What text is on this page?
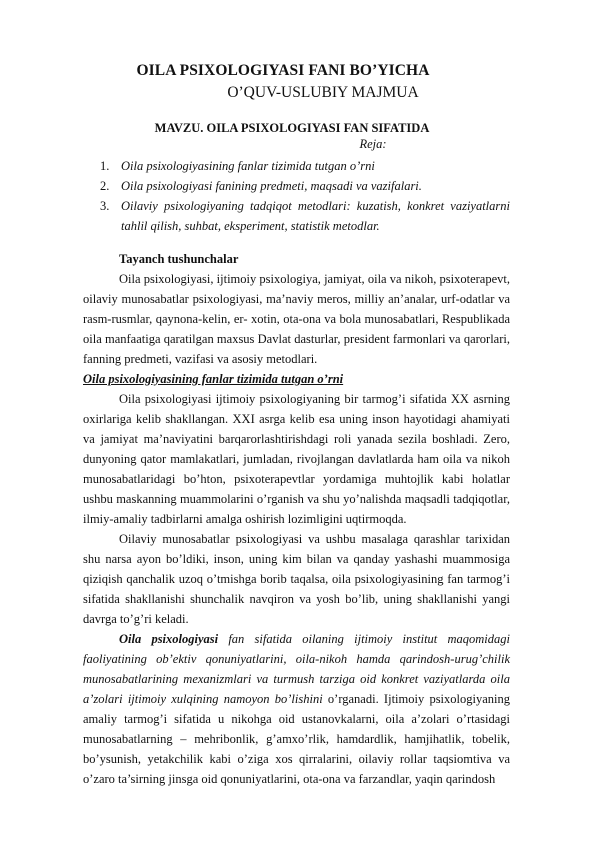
OILA PSIXOLOGIYASI FANI BO’YICHA
O’QUV-USLUBIY MAJMUA
MAVZU. OILA PSIXOLOGIYASI FAN SIFATIDA
Reja:
1. Oila psixologiyasining fanlar tizimida tutgan o’rni
2. Oila psixologiyasi fanining predmeti, maqsadi va vazifalari.
3. Oilaviy psixologiyaning tadqiqot metodlari: kuzatish, konkret vaziyatlarni tahlil qilish, suhbat, eksperiment, statistik metodlar.

Tayanch tushunchalar

Oila psixologiyasi, ijtimoiy psixologiya, jamiyat, oila va nikoh, psixoterapevt, oilaviy munosabatlar psixologiyasi, ma’naviy meros, milliy an’analar, urf-odatlar va rasm-rusmlar, qaynona-kelin, er- xotin, ota-ona va bola munosabatlari, Respublikada oila manfaatiga qaratilgan maxsus Davlat dasturlar, president farmonlari va qarorlari, fanning predmeti, vazifasi va asosiy metodlari.

Oila psixologiyasining fanlar tizimida tutgan o’rni

Oila psixologiyasi ijtimoiy psixologiyaning bir tarmog’i sifatida XX asrning oxirlariga kelib shakllangan. XXI asrga kelib esa uning inson hayotidagi ahamiyati va jamiyat ma’naviyatini barqarorlashtirishdagi roli yanada sezila boshladi. Zero, dunyoning qator mamlakatlari, jumladan, rivojlangan davlatlarda ham oila va nikoh munosabatlaridagi bo’hton, psixoterapevtlar yordamiga muhtojlik kabi holatlar ushbu maskanning muammolarini o’rganish va shu yo’nalishda maqsadli tadqiqotlar, ilmiy-amaliy tadbirlarni amalga oshirish lozimligini uqtirmoqda.

Oilaviy munosabatlar psixologiyasi va ushbu masalaga qarashlar tarixidan shu narsa ayon bo’ldiki, inson, uning kim bilan va qanday yashashi muammosiga qiziqish qanchalik uzoq o’tmishga borib taqalsa, oila psixologiyasining fan tarmog’i sifatida shakllanishi shunchalik navqiron va yosh bo’lib, uning shakllanishi yangi davrga to’g’ri keladi.

Oila psixologiyasi fan sifatida oilaning ijtimoiy institut maqomidagi faoliyatining ob’ektiv qonuniyatlarini, oila-nikoh hamda qarindosh-urug’chilik munosabatlarining mexanizmlari va turmush tarziga oid konkret vaziyatlarda oila a’zolari ijtimoiy xulqining namoyon bo’lishini o’rganadi. Ijtimoiy psixologiyaning amaliy tarmog’i sifatida u nikohga oid ustanovkalarni, oila a’zolari o’rtasidagi munosabatlarning – mehribonlik, g’amxo’rlik, hamdardlik, hamjihatlik, tobelik, bo’ysunish, yetakchilik kabi o’ziga xos qirralarini, oilaviy rollar taqsiomtiva va o’zaro ta’sirning jinsga oid qonuniyatlarini, ota-ona va farzandlar, yaqin qarindosh
